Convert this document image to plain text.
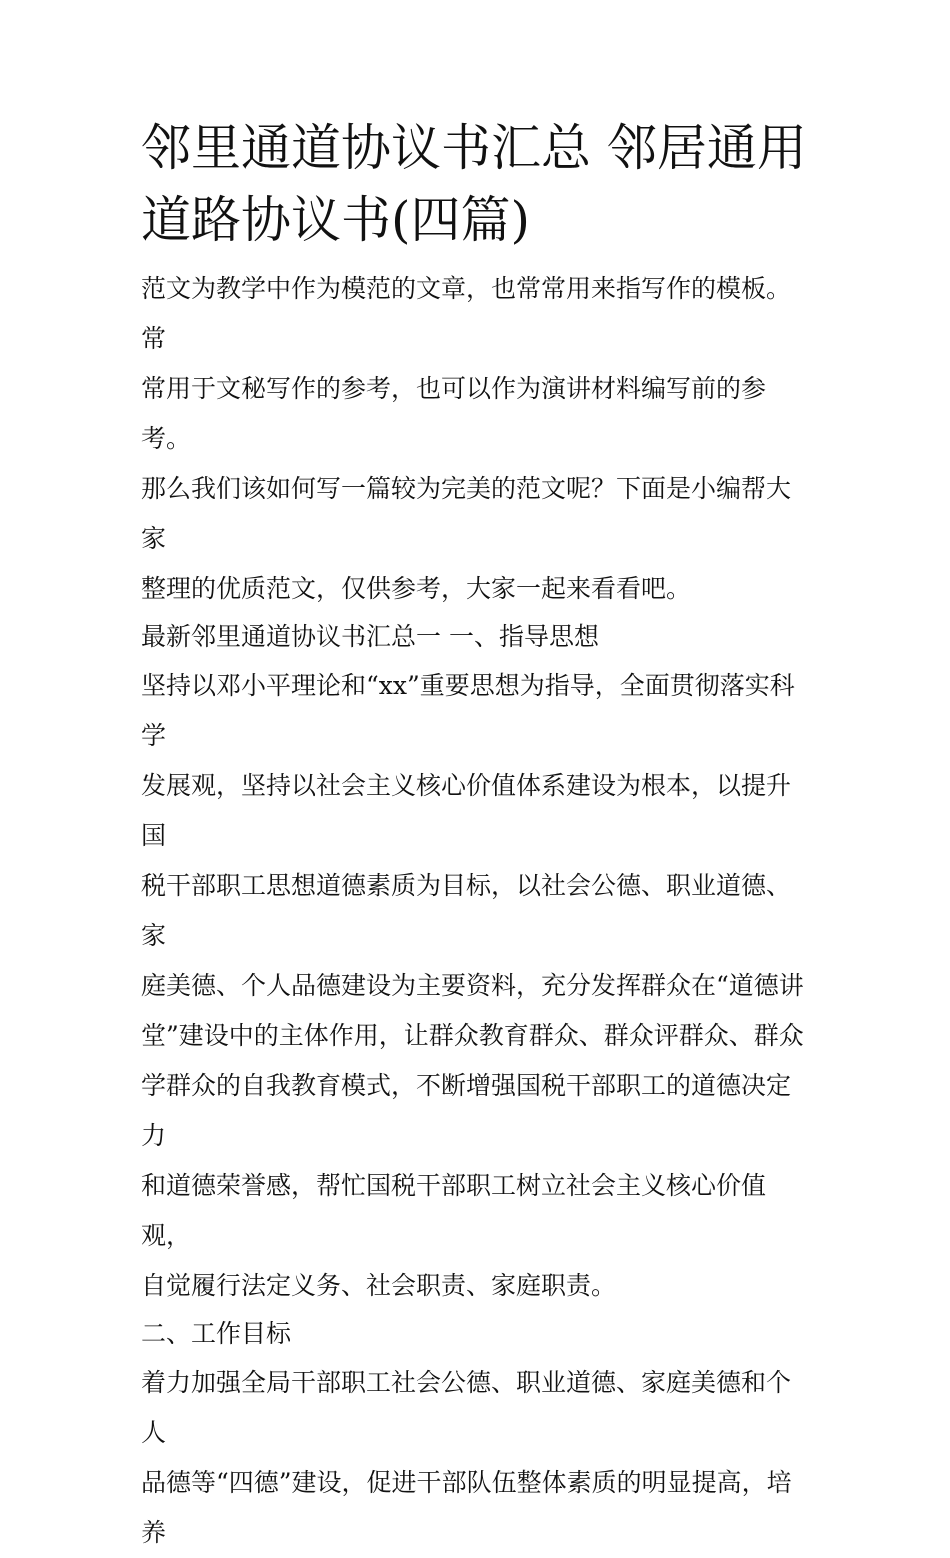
邻里通道协议书汇总 邻居通用
道路协议书(四篇)

范文为教学中作为模范的文章，也常常用来指写作的模板。常

常用于文秘写作的参考，也可以作为演讲材料编写前的参考。

那么我们该如何写一篇较为完美的范文呢？下面是小编帮大家

整理的优质范文，仅供参考，大家一起来看看吧。

最新邻里通道协议书汇总一 一、指导思想

坚持以邓小平理论和“xx”重要思想为指导，全面贯彻落实科学

发展观，坚持以社会主义核心价值体系建设为根本，以提升国

税干部职工思想道德素质为目标，以社会公德、职业道德、家

庭美德、个人品德建设为主要资料，充分发挥群众在“道德讲

堂”建设中的主体作用，让群众教育群众、群众评群众、群众

学群众的自我教育模式，不断增强国税干部职工的道德决定力

和道德荣誉感，帮忙国税干部职工树立社会主义核心价值观，

自觉履行法定义务、社会职责、家庭职责。

二、工作目标

着力加强全局干部职工社会公德、职业道德、家庭美德和个人

品德等“四德”建设，促进干部队伍整体素质的明显提高，培养
